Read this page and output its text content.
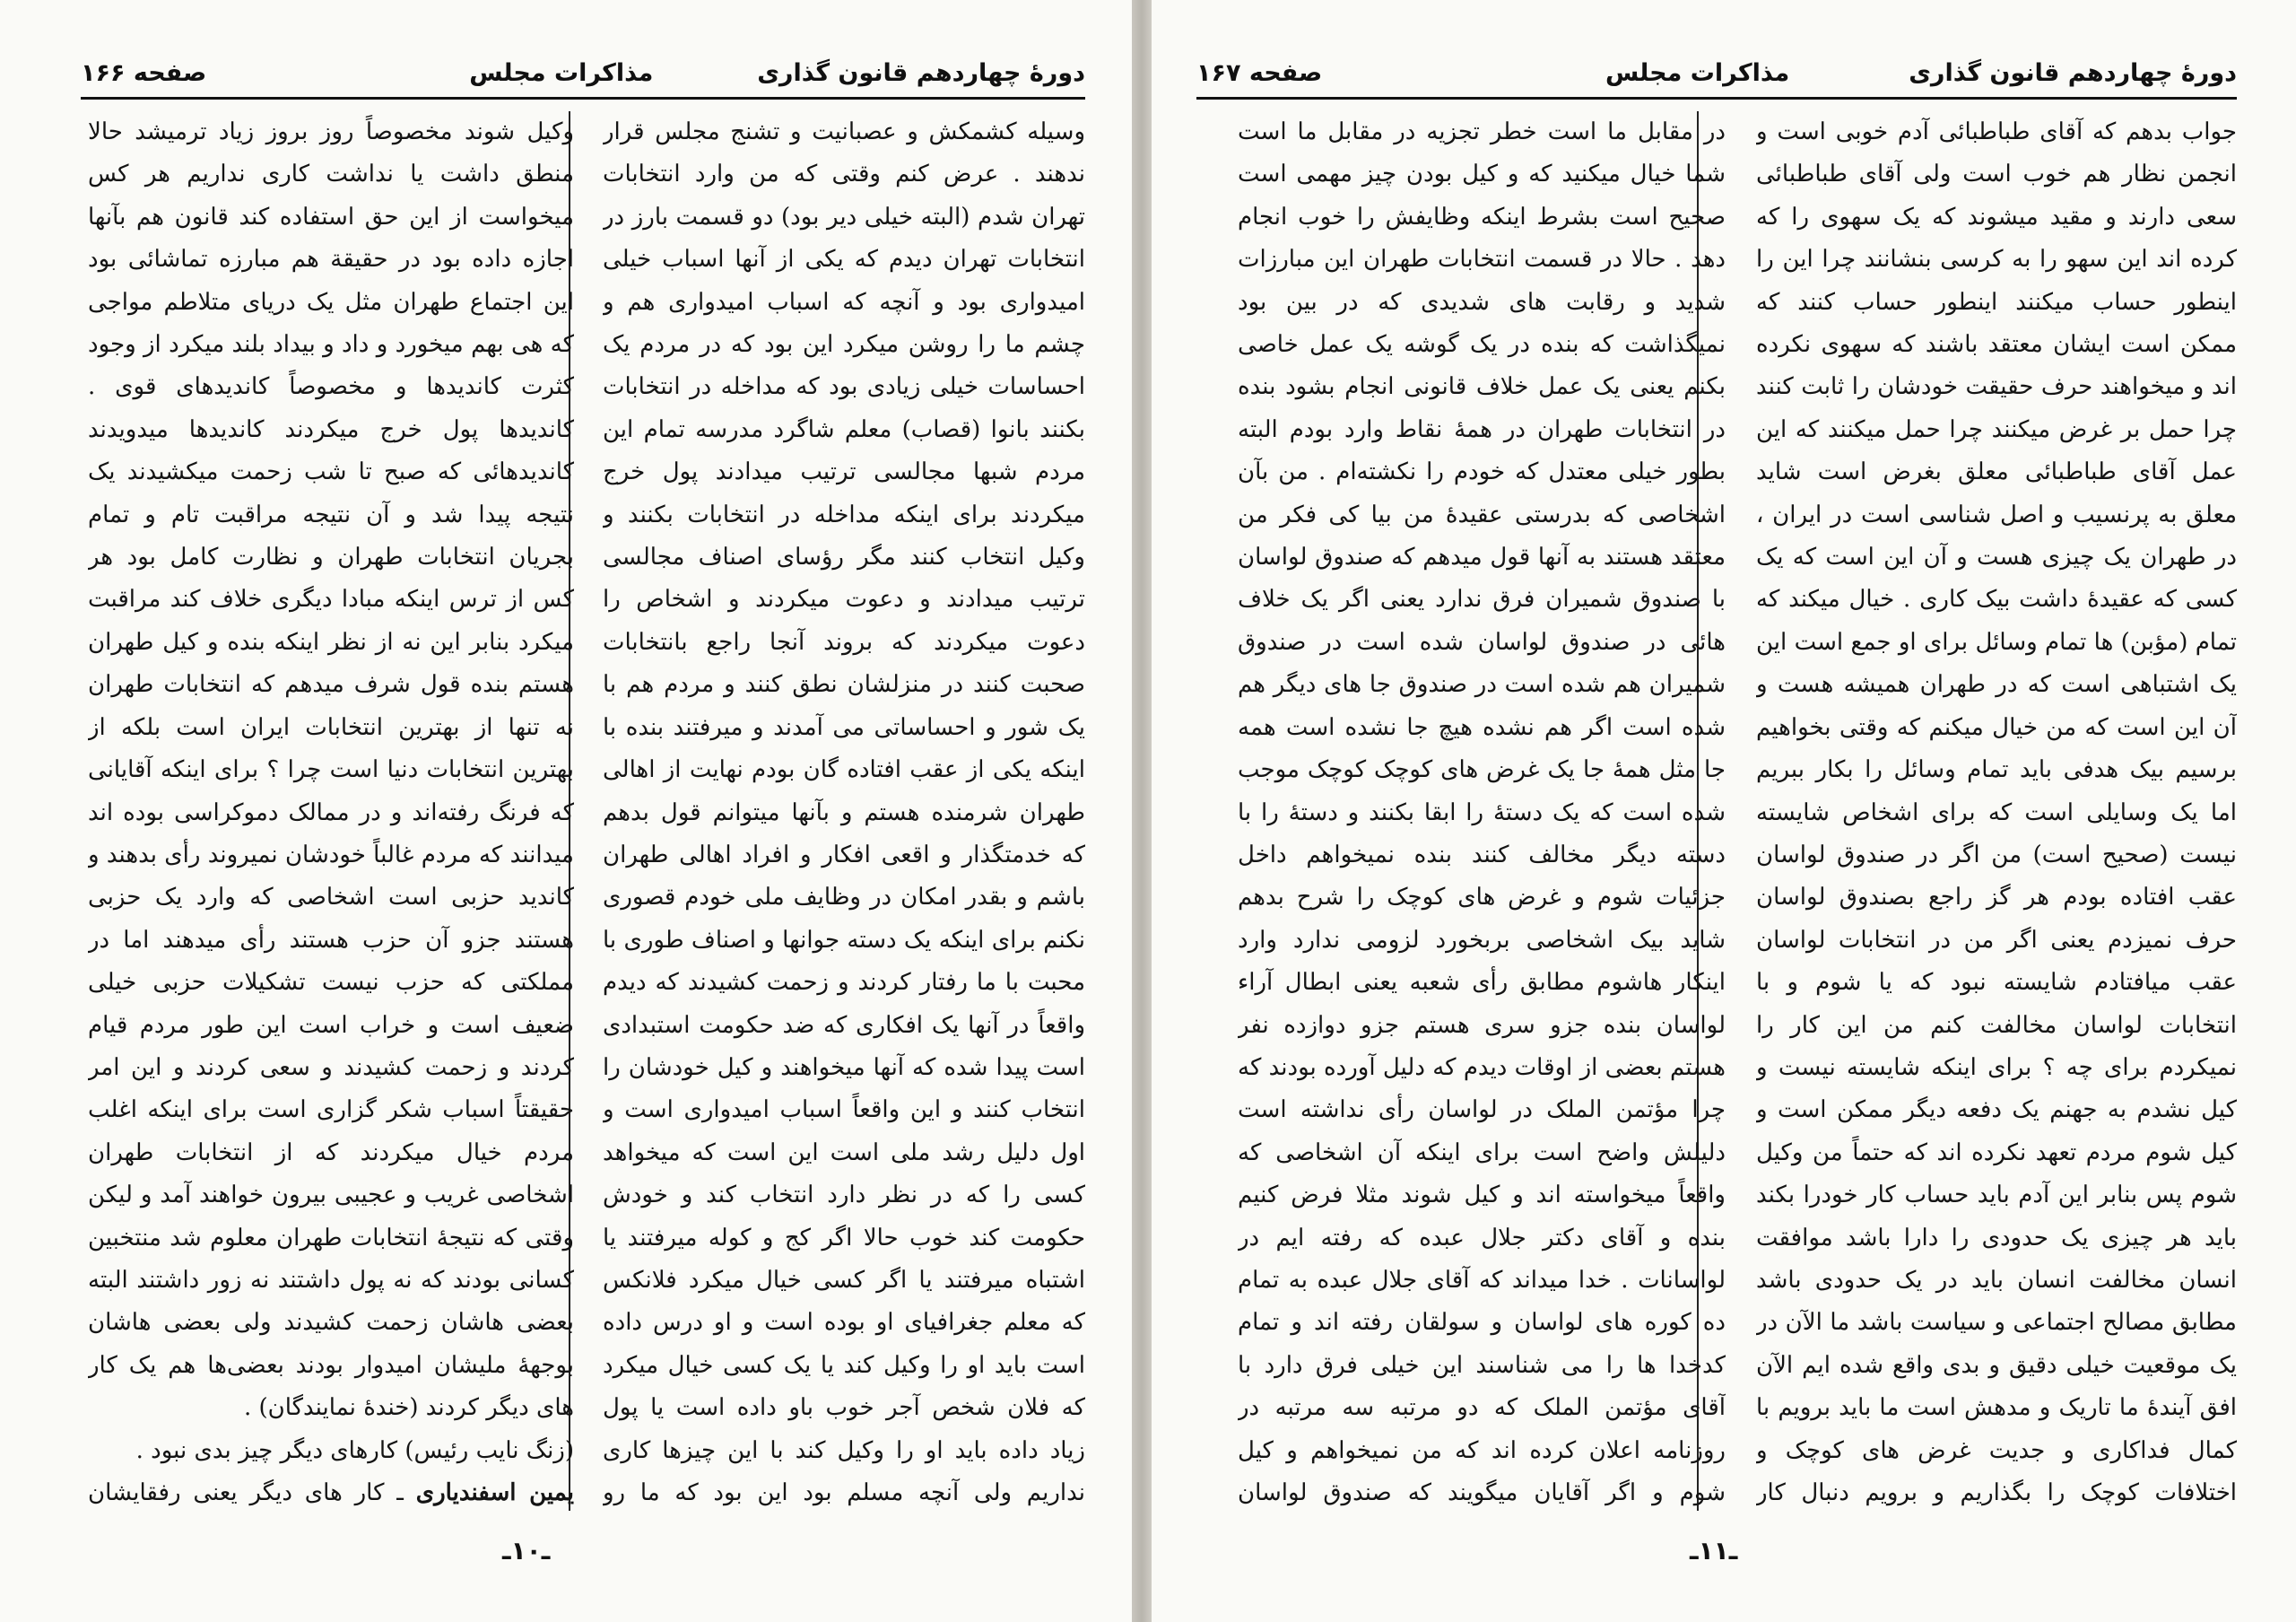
دورهٔ چهاردهم قانون گذاری
مذاکرات مجلس
صفحه ۱۶۶

وسیله کشمکش و عصبانیت و تشنج مجلس قرار ندهند . عرض کنم وقتی که من وارد انتخابات تهران شدم (البته خیلی دیر بود) دو قسمت بارز در انتخابات تهران دیدم که یکی از آنها اسباب خیلی امیدواری بود و آنچه که اسباب امیدواری هم و چشم ما را روشن میکرد این بود که در مردم یک احساسات خیلی زیادی بود که مداخله در انتخابات بکنند بانوا (قصاب) معلم شاگرد مدرسه تمام این مردم شبها مجالسی ترتیب میدادند پول خرج میکردند برای اینکه مداخله در انتخابات بکنند و وکیل انتخاب کنند مگر رؤسای اصناف مجالسی ترتیب میدادند و دعوت میکردند و اشخاص را دعوت میکردند که بروند آنجا راجع بانتخابات صحبت کنند در منزلشان نطق کنند و مردم هم با یک شور و احساساتی می آمدند و میرفتند بنده با اینکه یکی از عقب افتاده گان بودم نهایت از اهالی طهران شرمنده هستم و بآنها میتوانم قول بدهم که خدمتگذار و اقعی افکار و افراد اهالی طهران باشم و بقدر امکان در وظایف ملی خودم قصوری نکنم برای اینکه یک دسته جوانها و اصناف طوری با محبت با ما رفتار کردند و زحمت کشیدند که دیدم واقعاً در آنها یک افکاری که ضد حکومت استبدادی است پیدا شده که آنها میخواهند و کیل خودشان را انتخاب کنند و این واقعاً اسباب امیدواری است و اول دلیل رشد ملی است این است که میخواهد کسی را که در نظر دارد انتخاب کند و خودش حکومت کند خوب حالا اگر کج و کوله میرفتند یا اشتباه میرفتند یا اگر کسی خیال میکرد فلانکس که معلم جغرافیای او بوده است و او درس داده است باید او را وکیل کند یا یک کسی خیال میکرد که فلان شخص آجر خوب باو داده است یا پول زیاد داده باید او را وکیل کند با این چیزها کاری نداریم ولی آنچه مسلم بود این بود که ما رو

وکیل شوند مخصوصاً روز بروز زیاد ترمیشد حالا منطق داشت یا نداشت کاری نداریم هر کس میخواست از این حق استفاده کند قانون هم بآنها اجازه داده بود در حقیقة هم مبارزه تماشائی بود این اجتماع طهران مثل یک دریای متلاطم مواجی که هی بهم میخورد و داد و بیداد بلند میکرد از وجود کثرت کاندیدها و مخصوصاً کاندیدهای قوی . کاندیدها پول خرج میکردند کاندیدها میدویدند کاندیدهائی که صبح تا شب زحمت میکشیدند یک نتیجه پیدا شد و آن نتیجه مراقبت تام و تمام بجریان انتخابات طهران و نظارت کامل بود هر کس از ترس اینکه مبادا دیگری خلاف کند مراقبت میکرد بنابر این نه از نظر اینکه بنده و کیل طهران هستم بنده قول شرف میدهم که انتخابات طهران نه تنها از بهترین انتخابات ایران است بلکه از بهترین انتخابات دنیا است چرا ؟ برای اینکه آقایانی که فرنگ رفته‌اند و در ممالک دموکراسی بوده اند میدانند که مردم غالباً خودشان نمیروند رأی بدهند و کاندید حزبی است اشخاصی که وارد یک حزبی هستند جزو آن حزب هستند رأی میدهند اما در مملکتی که حزب نیست تشکیلات حزبی خیلی ضعیف است و خراب است این طور مردم قیام کردند و زحمت کشیدند و سعی کردند و این امر حقیقتاً اسباب شکر گزاری است برای اینکه اغلب مردم خیال میکردند که از انتخابات طهران اشخاصی غریب و عجیبی بیرون خواهند آمد و لیکن وقتی که نتیجهٔ انتخابات طهران معلوم شد منتخبین کسانی بودند که نه پول داشتند نه زور داشتند البته بعضی هاشان زحمت کشیدند ولی بعضی هاشان بوجههٔ ملیشان امیدوار بودند بعضی‌ها هم یک کار های دیگر کردند (خندهٔ نمایندگان) .

(زنگ نایب رئیس) کارهای دیگر چیز بدی نبود .

یمین اسفندیاری ـ کار های دیگر یعنی رفقایشان

ـ۱۰ـ
دورهٔ چهاردهم قانون گذاری
مذاکرات مجلس
صفحه ۱۶۷

جواب بدهم که آقای طباطبائی آدم خوبی است و انجمن نظار هم خوب است ولی آقای طباطبائی سعی دارند و مقید میشوند که یک سهوی را که کرده اند این سهو را به کرسی بنشانند چرا این را اینطور حساب میکنند اینطور حساب کنند که ممکن است ایشان معتقد باشند که سهوی نکرده اند و میخواهند حرف حقیقت خودشان را ثابت کنند چرا حمل بر غرض میکنند چرا حمل میکنند که این عمل آقای طباطبائی معلق بغرض است شاید معلق به پرنسیب و اصل شناسی است در ایران ، در طهران یک چیزی هست و آن این است که یک کسی که عقیدهٔ داشت بیک کاری . خیال میکند که تمام (مؤبن) ها تمام وسائل برای او جمع است این یک اشتباهی است که در طهران همیشه هست و آن این است که من خیال میکنم که وقتی بخواهیم برسیم بیک هدفی باید تمام وسائل را بکار ببریم اما یک وسایلی است که برای اشخاص شایسته نیست (صحیح است) من اگر در صندوق لواسان عقب افتاده بودم هر گز راجع بصندوق لواسان حرف نمیزدم یعنی اگر من در انتخابات لواسان عقب میافتادم شایسته نبود که یا شوم و با انتخابات لواسان مخالفت کنم من این کار را نمیکردم برای چه ؟ برای اینکه شایسته نیست و کیل نشدم به جهنم یک دفعه دیگر ممکن است و کیل شوم مردم تعهد نکرده اند که حتماً من وکیل شوم پس بنابر این آدم باید حساب کار خودرا بکند باید هر چیزی یک حدودی را دارا باشد موافقت انسان مخالفت انسان باید در یک حدودی باشد مطابق مصالح اجتماعی و سیاست باشد ما الآن در یک موقعیت خیلی دقیق و بدی واقع شده ایم الآن افق آیندهٔ ما تاریک و مدهش است ما باید برویم با کمال فداکاری و جدیت غرض های کوچک و اختلافات کوچک را بگذاریم و برویم دنبال کار

در مقابل ما است خطر تجزیه در مقابل ما است شما خیال میکنید که و کیل بودن چیز مهمی است صحیح است بشرط اینکه وظایفش را خوب انجام دهد . حالا در قسمت انتخابات طهران این مبارزات شدید و رقابت های شدیدی که در بین بود نمیگذاشت که بنده در یک گوشه یک عمل خاصی بکنم یعنی یک عمل خلاف قانونی انجام بشود بنده در انتخابات طهران در همهٔ نقاط وارد بودم البته بطور خیلی معتدل که خودم را نکشته‌ام . من بآن اشخاصی که بدرستی عقیدهٔ من بیا کی فکر من معتقد هستند به آنها قول میدهم که صندوق لواسان با صندوق شمیران فرق ندارد یعنی اگر یک خلاف هائی در صندوق لواسان شده است در صندوق شمیران هم شده است در صندوق جا های دیگر هم شده است اگر هم نشده هیچ جا نشده است همه جا مثل همهٔ جا یک غرض های کوچک کوچک موجب شده است که یک دستهٔ را ابقا بکنند و دستهٔ را با دسته دیگر مخالف کنند بنده نمیخواهم داخل جزئیات شوم و غرض های کوچک را شرح بدهم شاید بیک اشخاصی بربخورد لزومی ندارد وارد اینکار هاشوم مطابق رأی شعبه یعنی ابطال آراء لواسان بنده جزو سری هستم جزو دوازده نفر هستم بعضی از اوقات دیدم که دلیل آورده بودند که چرا مؤتمن الملک در لواسان رأی نداشته است دلیلش واضح است برای اینکه آن اشخاصی که واقعاً میخواسته اند و کیل شوند مثلا فرض کنیم بنده و آقای دکتر جلال عبده که رفته ایم در لواسانات . خدا میداند که آقای جلال عبده به تمام ده کوره های لواسان و سولقان رفته اند و تمام کدخدا ها را می شناسند این خیلی فرق دارد با آقای مؤتمن الملک که دو مرتبه سه مرتبه در روزنامه اعلان کرده اند که من نمیخواهم و کیل شوم و اگر آقایان میگویند که صندوق لواسان

ـ۱۱ـ
